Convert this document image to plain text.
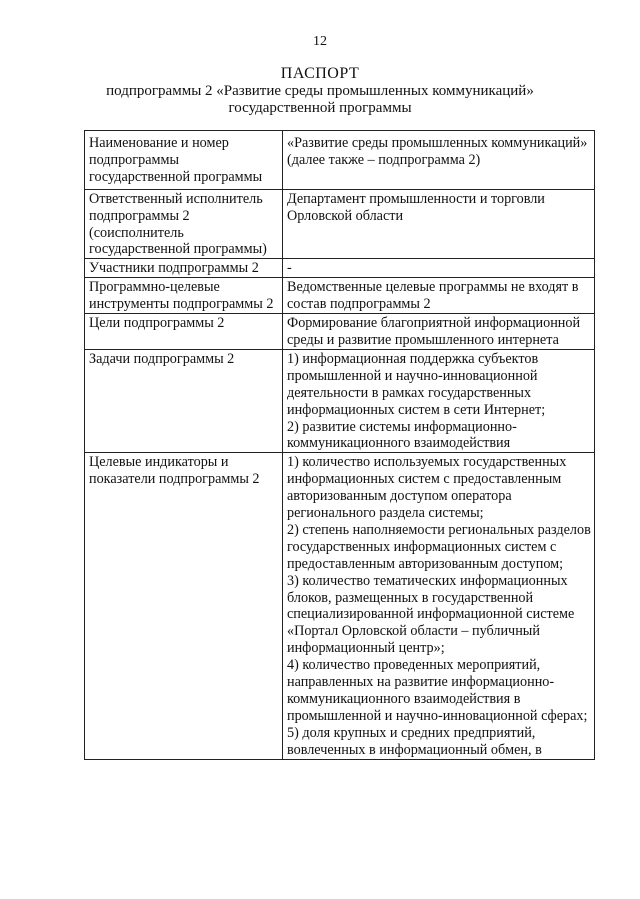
12
ПАСПОРТ
подпрограммы 2 «Развитие среды промышленных коммуникаций»
государственной программы
Наименование и номер подпрограммы государственной программы	«Развитие среды промышленных коммуникаций»
(далее также – подпрограмма 2)
Ответственный исполнитель подпрограммы 2 (соисполнитель государственной программы)	Департамент промышленности и торговли Орловской области
Участники подпрограммы 2	-
Программно-целевые инструменты подпрограммы 2	Ведомственные целевые программы не входят в состав подпрограммы 2
Цели подпрограммы 2	Формирование благоприятной информационной среды и развитие промышленного интернета
Задачи подпрограммы 2	1) информационная поддержка субъектов промышленной и научно-инновационной деятельности в рамках государственных информационных систем в сети Интернет;
2) развитие системы информационно-коммуникационного взаимодействия
Целевые индикаторы и показатели подпрограммы 2	1) количество используемых государственных информационных систем с предоставленным авторизованным доступом оператора регионального раздела системы;
2) степень наполняемости региональных разделов государственных информационных систем с предоставленным авторизованным доступом;
3) количество тематических информационных блоков, размещенных в государственной специализированной информационной системе «Портал Орловской области – публичный информационный центр»;
4) количество проведенных мероприятий, направленных на развитие информационно-коммуникационного взаимодействия в промышленной и научно-инновационной сферах;
5) доля крупных и средних предприятий, вовлеченных в информационный обмен, в
